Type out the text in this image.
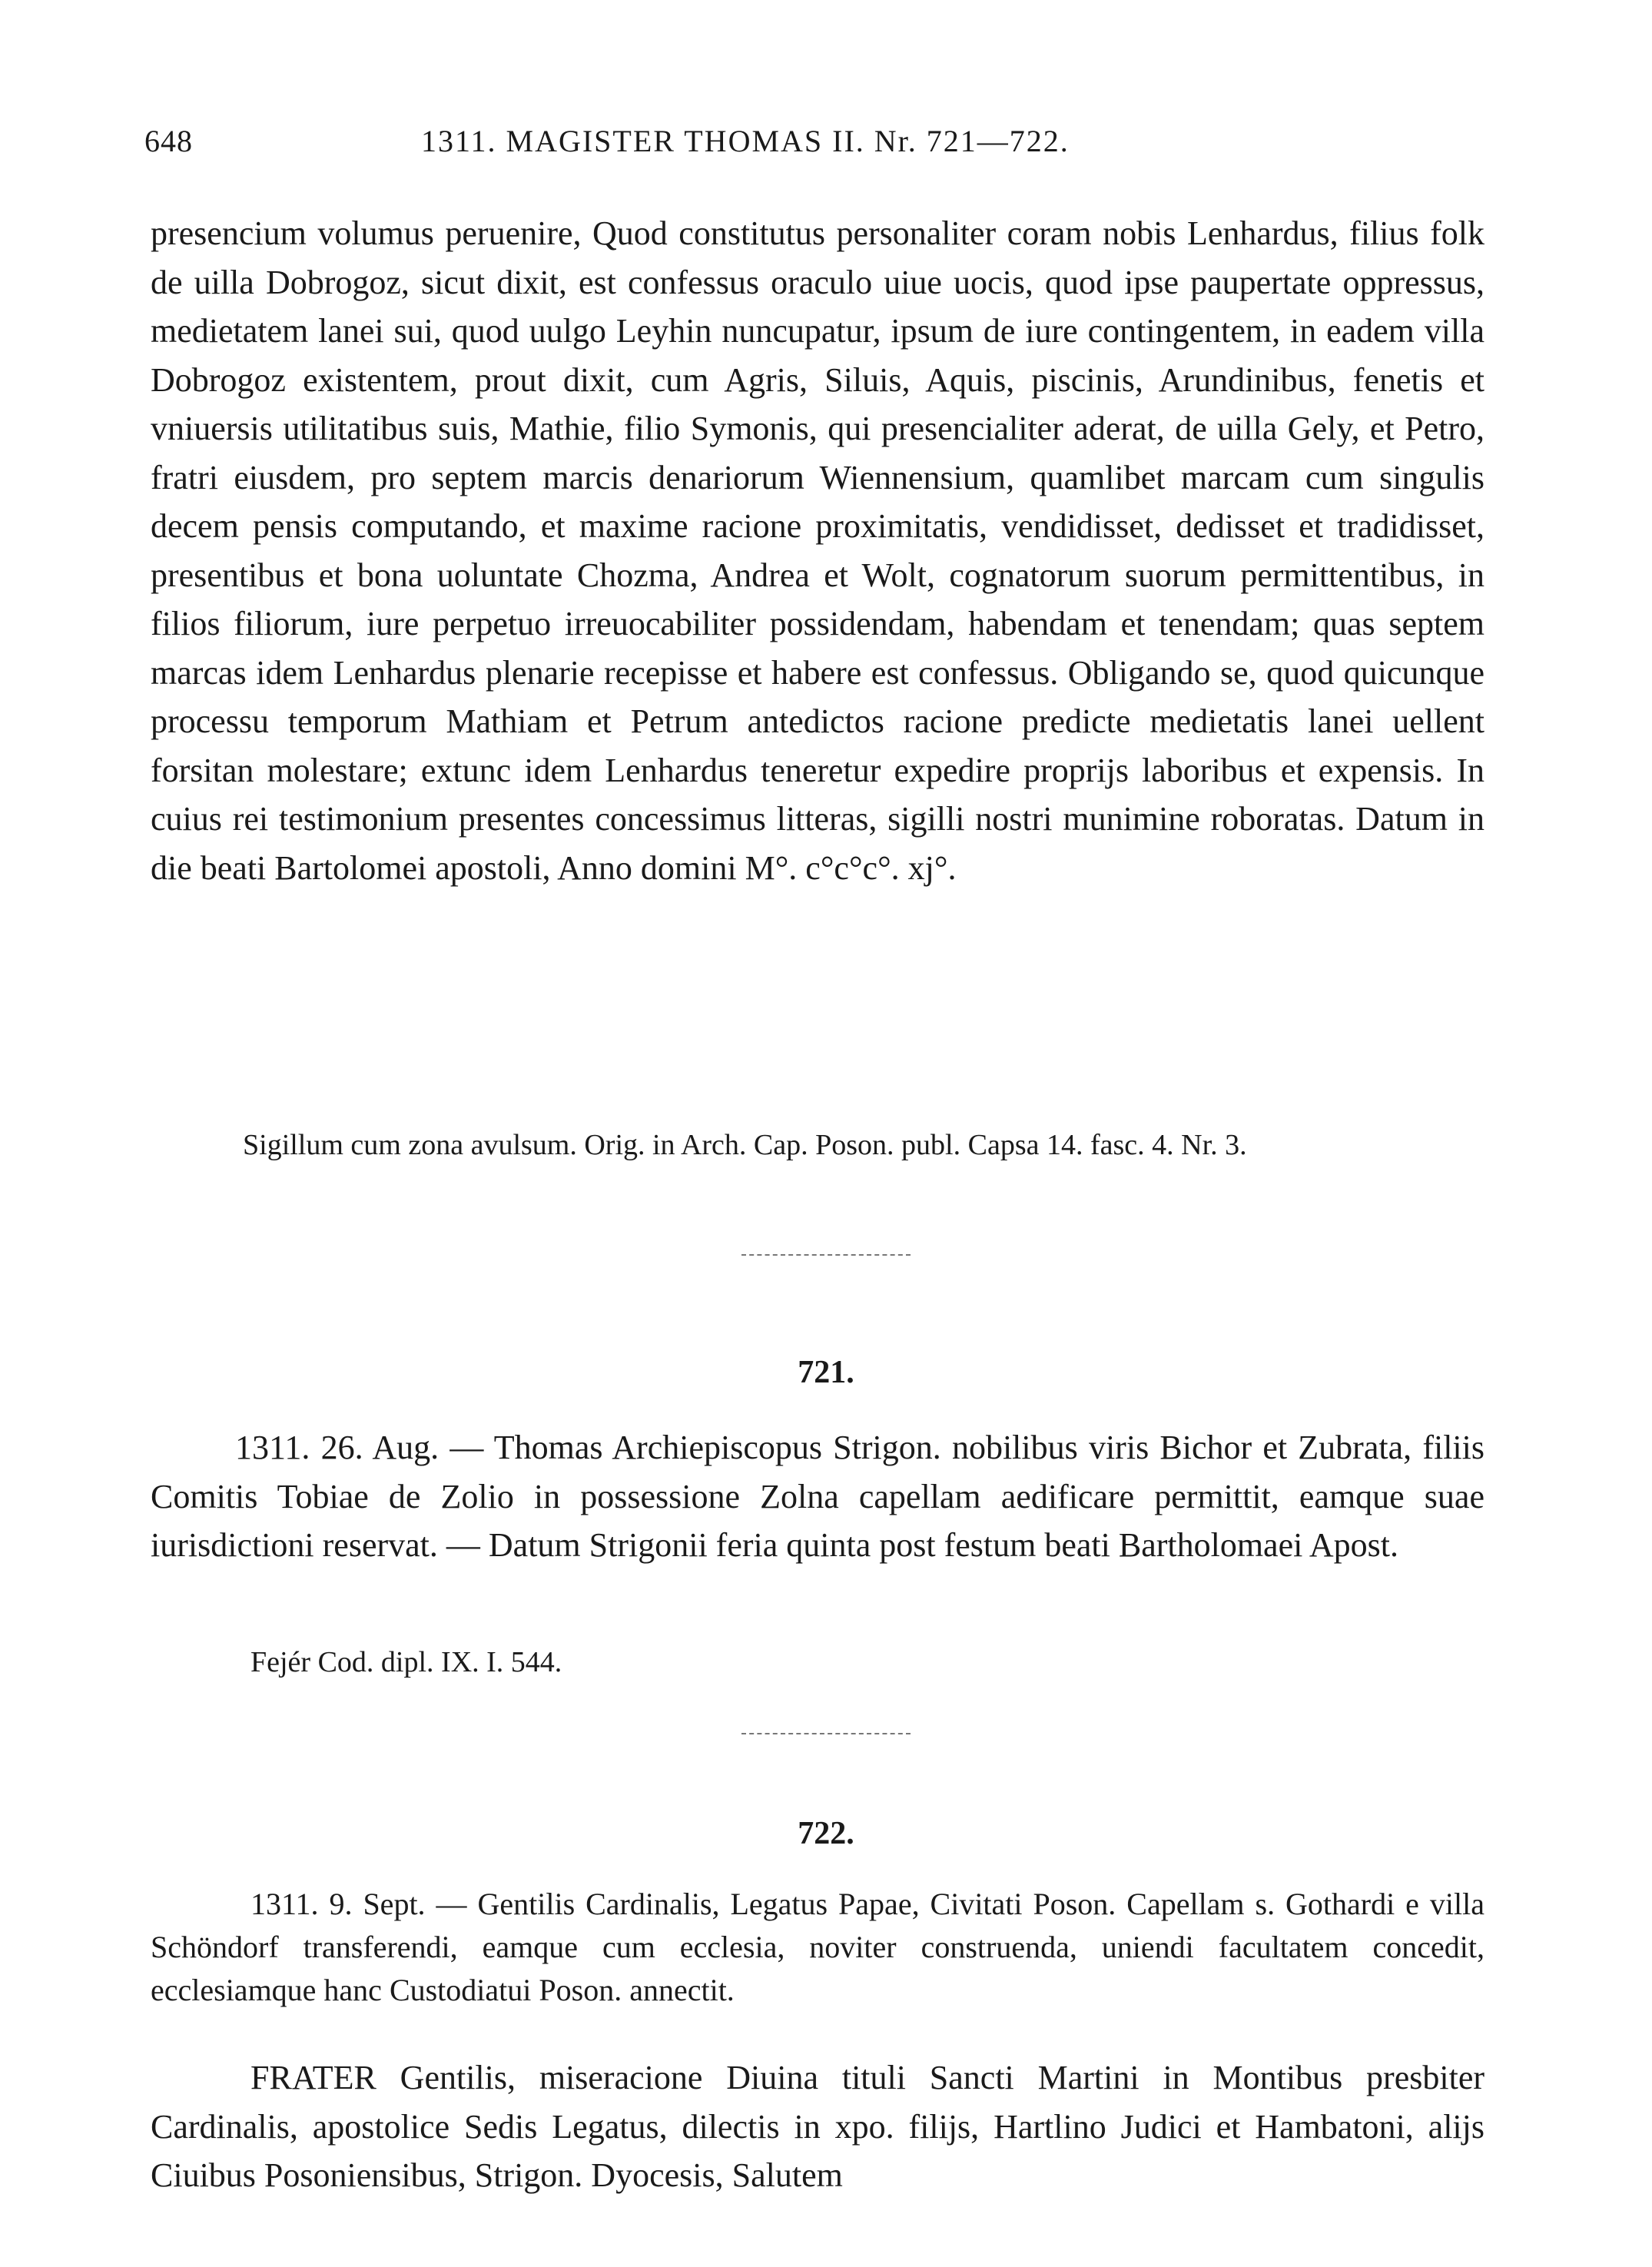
648	1311. MAGISTER THOMAS II. Nr. 721—722.

presencium volumus peruenire, Quod constitutus personaliter coram nobis Lenhardus, filius folk de uilla Dobrogoz, sicut dixit, est confessus oraculo uiue uocis, quod ipse paupertate oppressus, medietatem lanei sui, quod uulgo Leyhin nuncupatur, ipsum de iure contingentem, in eadem villa Dobrogoz existentem, prout dixit, cum Agris, Siluis, Aquis, piscinis, Arundinibus, fenetis et vniuersis utilitatibus suis, Mathie, filio Symonis, qui presencialiter aderat, de uilla Gely, et Petro, fratri eiusdem, pro septem marcis denariorum Wiennensium, quamlibet marcam cum singulis decem pensis computando, et maxime racione proximitatis, vendidisset, dedisset et tradidisset, presentibus et bona uoluntate Chozma, Andrea et Wolt, cognatorum suorum permittentibus, in filios filiorum, iure perpetuo irreuocabiliter possidendam, habendam et tenendam; quas septem marcas idem Lenhardus plenarie recepisse et habere est confessus. Obligando se, quod quicunque processu temporum Mathiam et Petrum antedictos racione predicte medietatis lanei uellent forsitan molestare; extunc idem Lenhardus teneretur expedire proprijs laboribus et expensis. In cuius rei testimonium presentes concessimus litteras, sigilli nostri munimine roboratas. Datum in die beati Bartolomei apostoli, Anno domini M°. c°c°c°. xj°.

Sigillum cum zona avulsum. Orig. in Arch. Cap. Poson. publ. Capsa 14. fasc. 4. Nr. 3.

721.

1311. 26. Aug. — Thomas Archiepiscopus Strigon. nobilibus viris Bichor et Zubrata, filiis Comitis Tobiae de Zolio in possessione Zolna capellam aedificare permittit, eamque suae iurisdictioni reservat. — Datum Strigonii feria quinta post festum beati Bartholomaei Apost.

Fejér Cod. dipl. IX. I. 544.

722.

1311. 9. Sept. — Gentilis Cardinalis, Legatus Papae, Civitati Poson. Capellam s. Gothardi e villa Schöndorf transferendi, eamque cum ecclesia, noviter construenda, uniendi facultatem concedit, ecclesiamque hanc Custodiatui Poson. annectit.

FRATER Gentilis, miseracione Diuina tituli Sancti Martini in Montibus presbiter Cardinalis, apostolice Sedis Legatus, dilectis in xpo. filijs, Hartlino Judici et Hambatoni, alijs Ciuibus Posoniensibus, Strigon. Dyocesis, Salutem
